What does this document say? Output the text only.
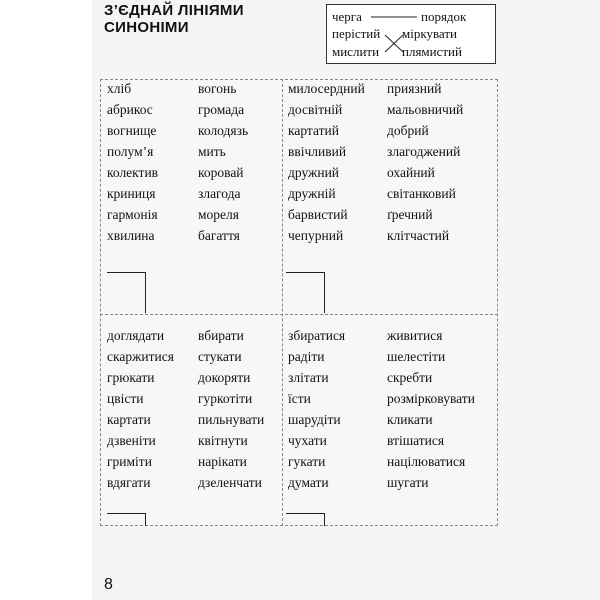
З’ЄДНАЙ ЛІНІЯМИ
СИНОНІМИ
черга
перістий
мислити
порядок
міркувати
плямистий
хліб
абрикос
вогнище
полум’я
колектив
криниця
гармонія
хвилина
вогонь
громада
колодязь
мить
коровай
злагода
мореля
багаття
милосердний
досвітній
картатий
ввічливий
дружний
дружній
барвистий
чепурний
приязний
мальовничий
добрий
злагоджений
охайний
світанковий
ґречний
клітчастий
доглядати
скаржитися
грюкати
цвісти
картати
дзвеніти
гриміти
вдягати
вбирати
стукати
докоряти
гуркотіти
пильнувати
квітнути
нарікати
дзеленчати
збиратися
радіти
злітати
їсти
шарудіти
чухати
гукати
думати
живитися
шелестіти
скребти
розмірковувати
кликати
втішатися
націлюватися
шугати
8
